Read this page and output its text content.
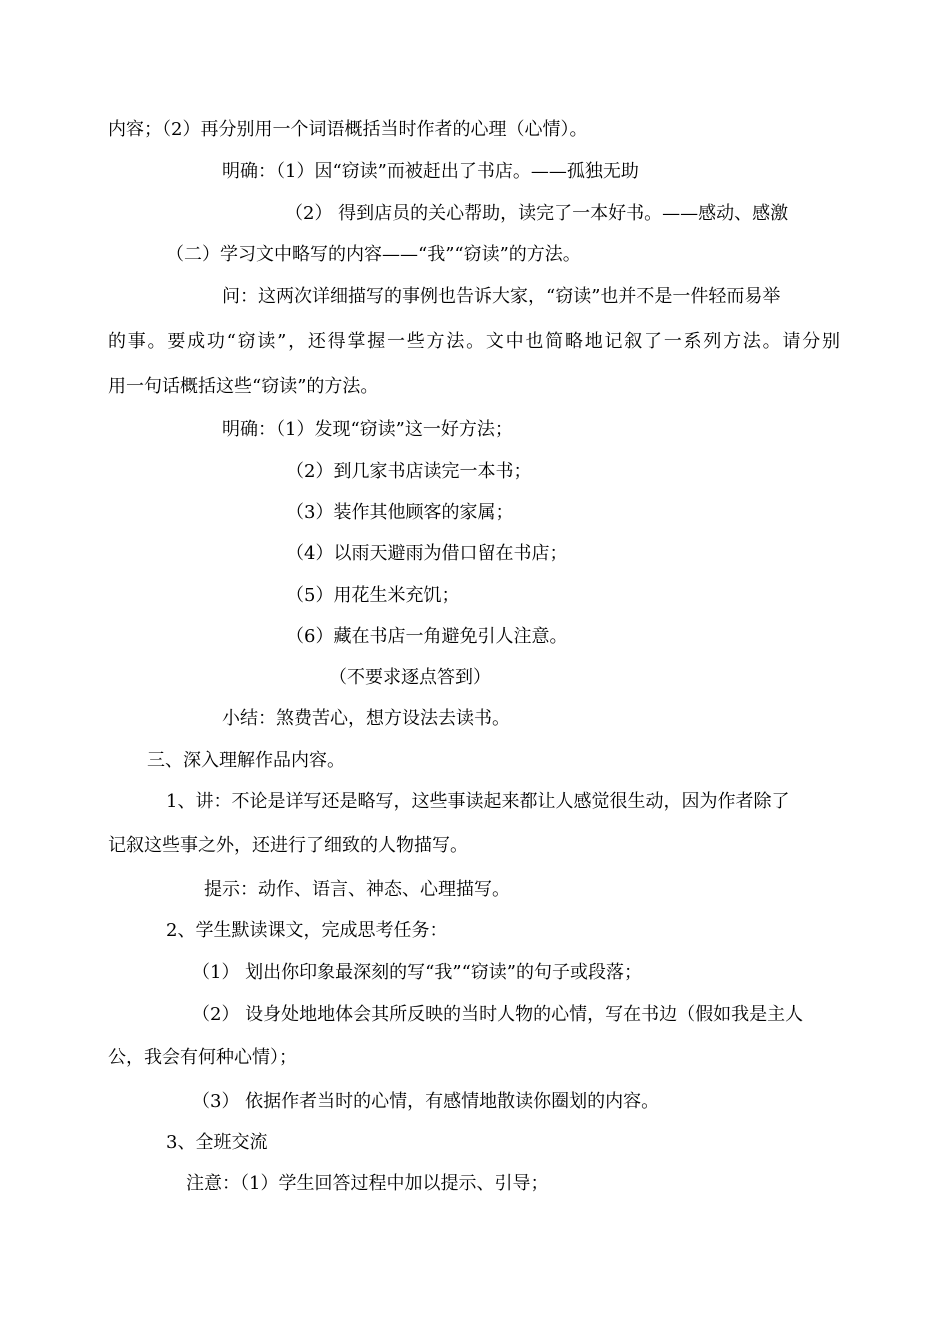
内容；（2）再分别用一个词语概括当时作者的心理（心情）。
明确：（1）因“窃读”而被赶出了书店。——孤独无助
（2） 得到店员的关心帮助，读完了一本好书。——感动、感激
（二）学习文中略写的内容——“我”“窃读”的方法。
问：这两次详细描写的事例也告诉大家，“窃读”也并不是一件轻而易举
的事。要成功“窃读”，还得掌握一些方法。文中也简略地记叙了一系列方法。请分别
用一句话概括这些“窃读”的方法。
明确：（1）发现“窃读”这一好方法；
（2）到几家书店读完一本书；
（3）装作其他顾客的家属；
（4）以雨天避雨为借口留在书店；
（5）用花生米充饥；
（6）藏在书店一角避免引人注意。
（不要求逐点答到）
小结：煞费苦心，想方设法去读书。
三、深入理解作品内容。
1、讲：不论是详写还是略写，这些事读起来都让人感觉很生动，因为作者除了
记叙这些事之外，还进行了细致的人物描写。
提示：动作、语言、神态、心理描写。
2、学生默读课文，完成思考任务：
（1） 划出你印象最深刻的写“我”“窃读”的句子或段落；
（2） 设身处地地体会其所反映的当时人物的心情，写在书边（假如我是主人
公，我会有何种心情）；
（3） 依据作者当时的心情，有感情地散读你圈划的内容。
3、全班交流
注意：（1）学生回答过程中加以提示、引导；
